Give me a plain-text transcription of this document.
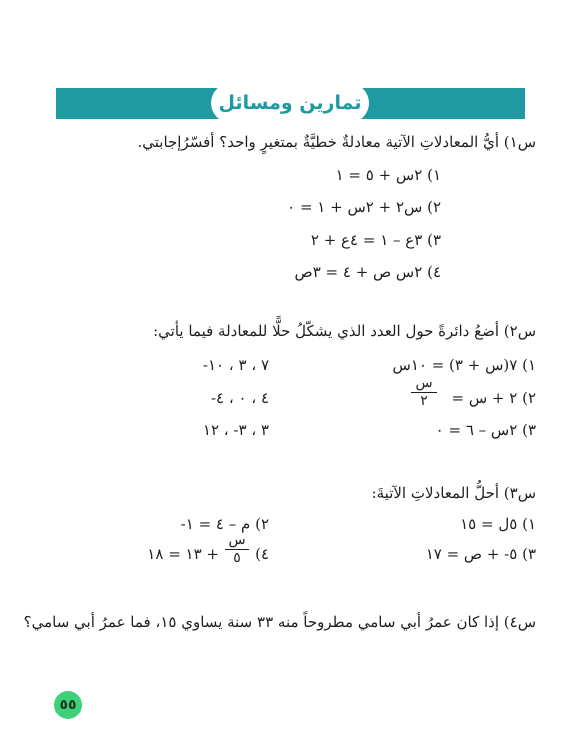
تمارين ومسائل
س١) أيُّ المعادلاتِ الآتية معادلةٌ خطيَّةٌ بمتغيرٍ واحد؟ أفسّرُإجابتي.
١) ٢س + ٥ = ١
٢) س٢ + ٢س + ١ = ٠
٣) ٣ع – ١ = ٤ع + ٢
٤) ٢س ص + ٤ = ٣ص
س٢) أضعُ دائرةً حول العدد الذي يشكّلُ حلًّا للمعادلة فيما يأتي:
١) ٧(س + ٣) = ١٠س
٧ ، ٣ ، ١٠-
٢) ٢ + س =
س
٢
٤ ، ٠ ، ٤-
٣) ٢س – ٦ = ٠
٣ ، ٣- ، ١٢
س٣) أحلُّ المعادلاتِ الآتيةَ:
١) ٥ل = ١٥
٢) م – ٤ = ١-
٣) ٥- + ص = ١٧
٤)
س
٥
+ ١٣ = ١٨
س٤) إذا كان عمرُ أبي سامي مطروحاً منه ٣٣ سنة يساوي ١٥، فما عمرُ أبي سامي؟
٥٥
